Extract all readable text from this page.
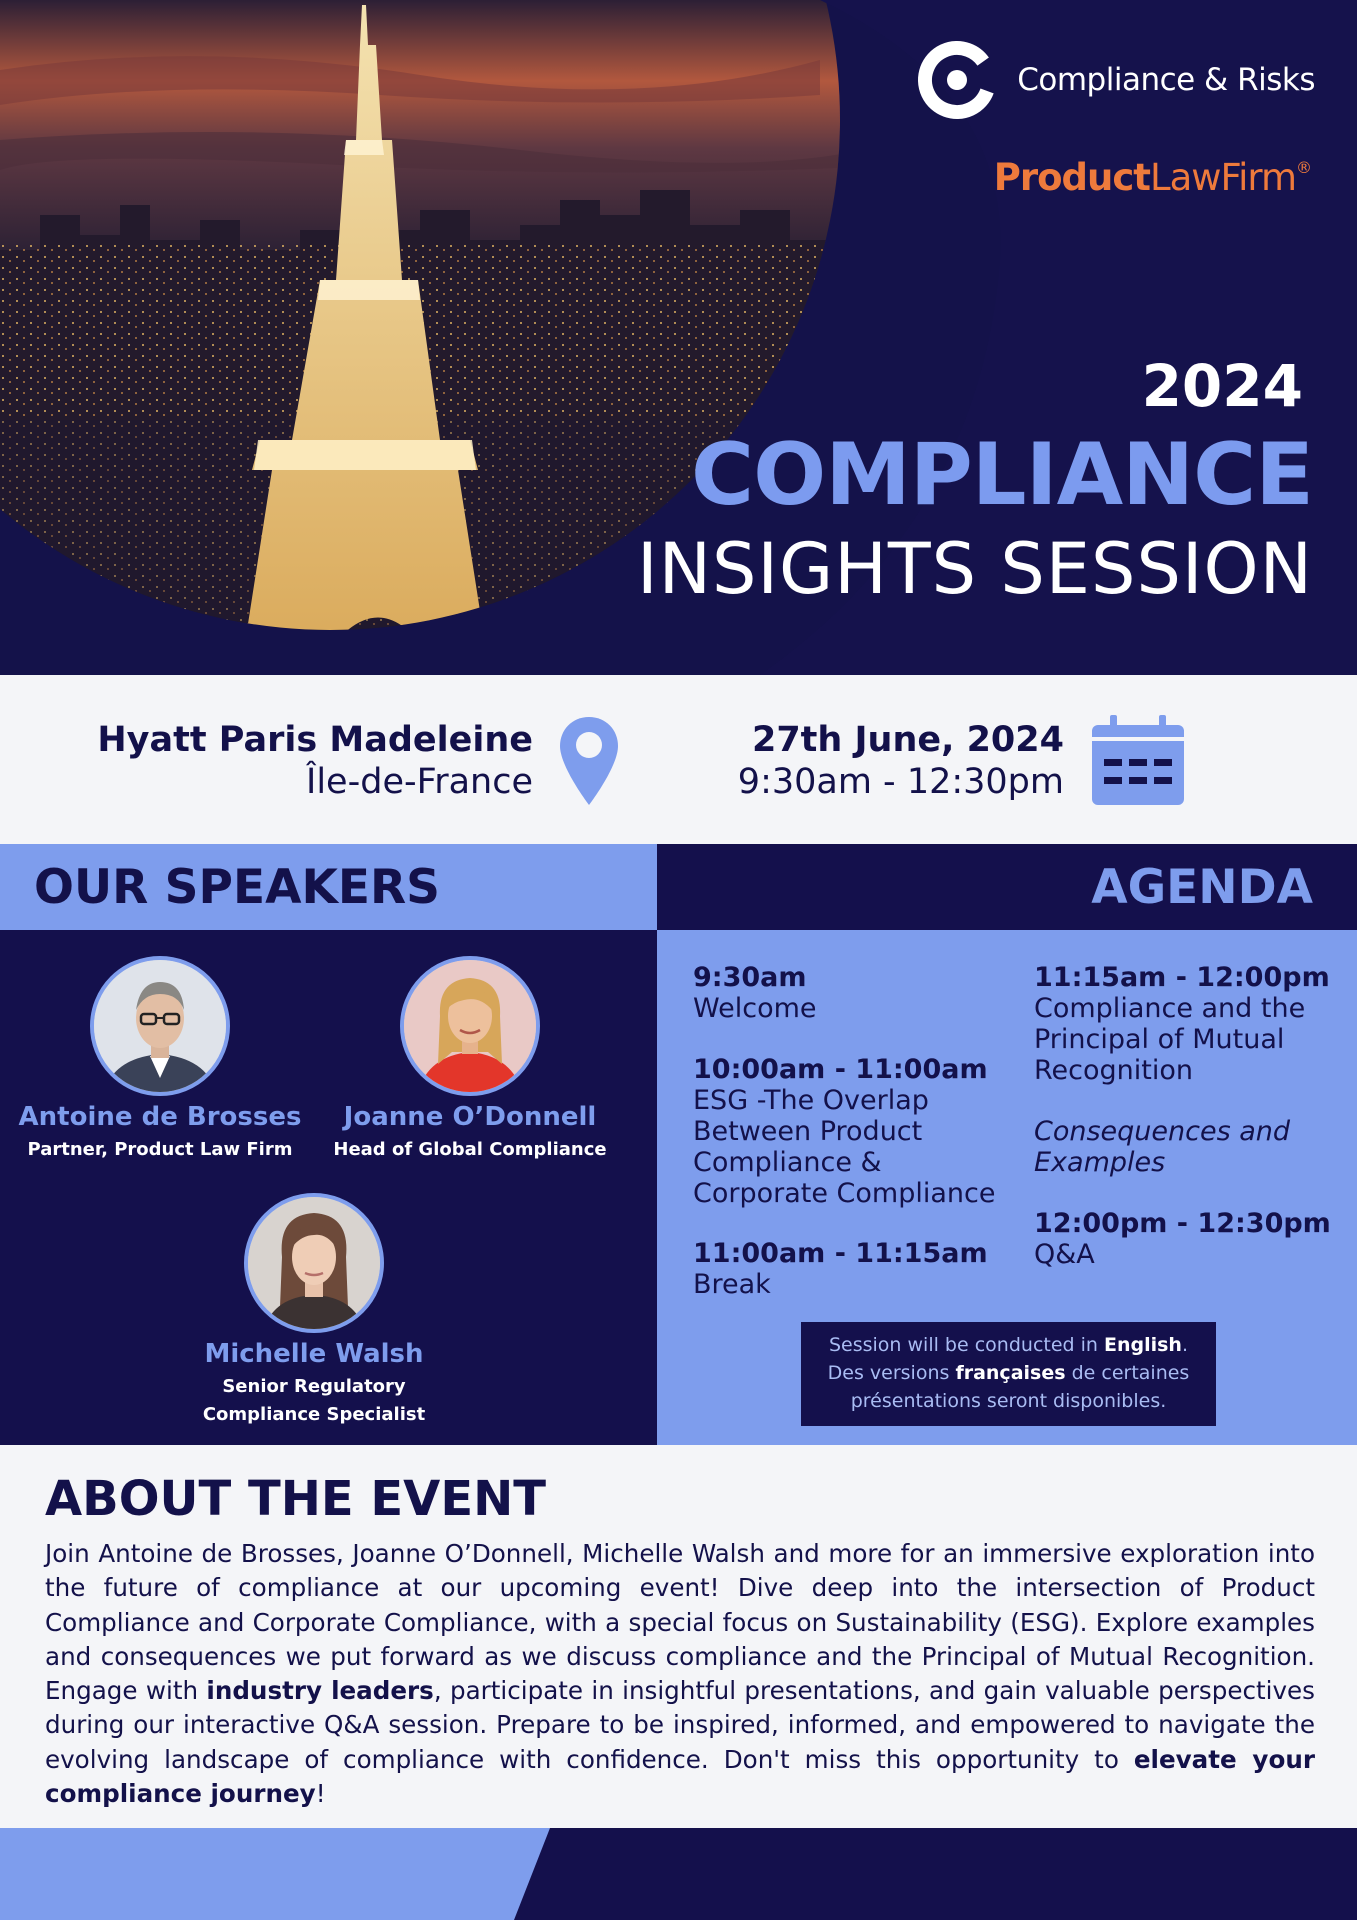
Compliance & Risks
ProductLawFirm®
2024
COMPLIANCE
INSIGHTS SESSION
Hyatt Paris Madeleine
Île-de-France
27th June, 2024
9:30am - 12:30pm
OUR SPEAKERS
Antoine de Brosses
Partner, Product Law Firm
Joanne O’Donnell
Head of Global Compliance
Michelle Walsh
Senior Regulatory
Compliance Specialist
AGENDA
9:30am
Welcome
10:00am - 11:00am
ESG -The Overlap
Between Product
Compliance &
Corporate Compliance
11:00am - 11:15am
Break
11:15am - 12:00pm
Compliance and the
Principal of Mutual
Recognition
Consequences and
Examples
12:00pm - 12:30pm
Q&A
Session will be conducted in English.
Des versions françaises de certaines
présentations seront disponibles.
ABOUT THE EVENT

Join Antoine de Brosses, Joanne O’Donnell, Michelle Walsh and more for an immersive exploration into the future of compliance at our upcoming event! Dive deep into the intersection of Product Compliance and Corporate Compliance, with a special focus on Sustainability (ESG). Explore examples and consequences we put forward as we discuss compliance and the Principal of Mutual Recognition. Engage with industry leaders, participate in insightful presentations, and gain valuable perspectives during our interactive Q&A session. Prepare to be inspired, informed, and empowered to navigate the evolving landscape of compliance with confidence. Don't miss this opportunity to elevate your compliance journey!
